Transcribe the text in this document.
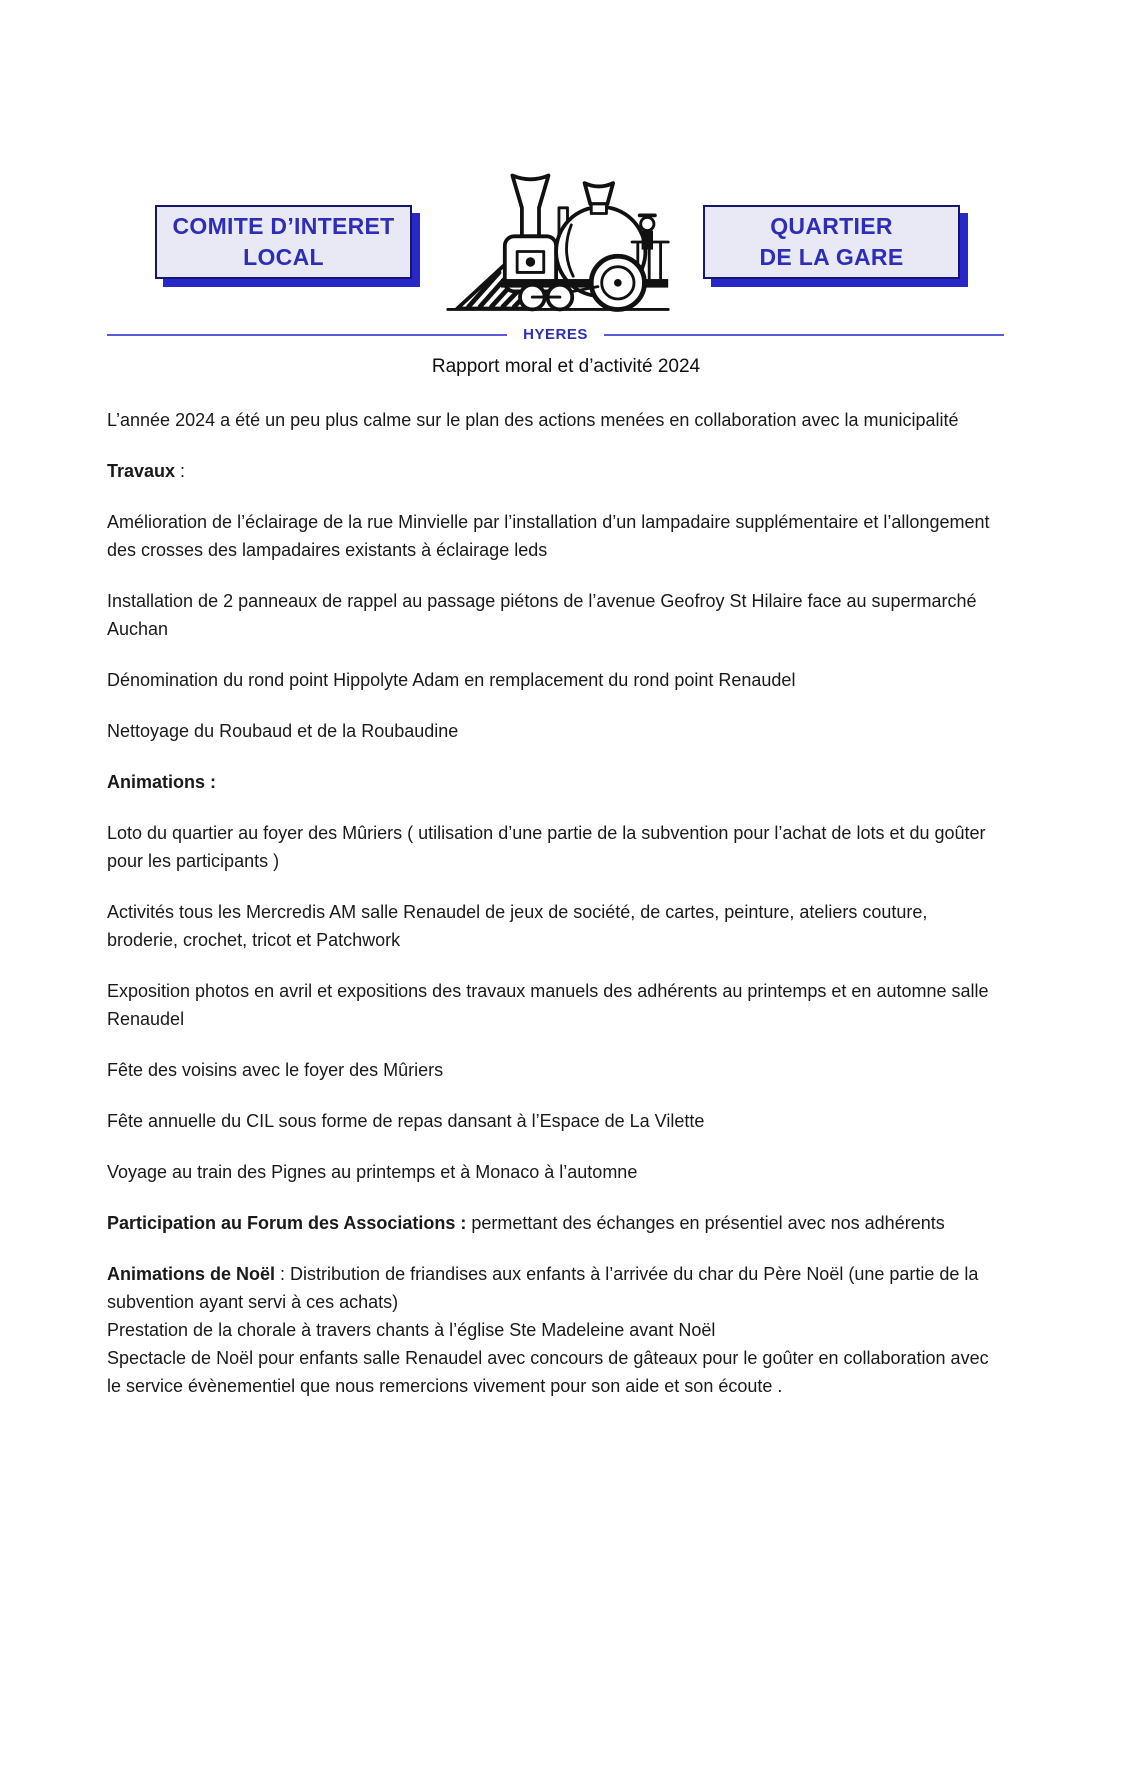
COMITE D’INTERET
LOCAL
QUARTIER
DE LA GARE
HYERES
Rapport moral et d’activité 2024

L’année 2024 a été un peu plus calme sur le plan des actions menées en collaboration avec la municipalité

Travaux :

Amélioration de l’éclairage de la rue Minvielle par l’installation d’un lampadaire supplémentaire et l’allongement des crosses des lampadaires existants à éclairage leds

Installation de 2 panneaux de rappel au passage piétons de l’avenue Geofroy St Hilaire face au supermarché Auchan

Dénomination du rond point Hippolyte Adam en remplacement du rond point Renaudel

Nettoyage du Roubaud et de la Roubaudine

Animations :

Loto du quartier au foyer des Mûriers ( utilisation d’une partie de la subvention pour l’achat de lots et du goûter pour les participants )

Activités tous les Mercredis AM salle Renaudel de jeux de société, de cartes, peinture, ateliers couture, broderie, crochet, tricot et Patchwork

Exposition photos en avril et expositions des travaux manuels des adhérents au printemps et en automne salle Renaudel

Fête des voisins avec le foyer des Mûriers

Fête annuelle du CIL sous forme de repas dansant à l’Espace de La Vilette

Voyage au train des Pignes au printemps et à Monaco à l’automne

Participation au Forum des Associations : permettant des échanges en présentiel avec nos adhérents

Animations de Noël : Distribution de friandises aux enfants à l’arrivée du char du Père Noël (une partie de la subvention ayant servi à ces achats)
Prestation de la chorale à travers chants à l’église Ste Madeleine avant Noël
Spectacle de Noël pour enfants salle Renaudel avec concours de gâteaux pour le goûter en collaboration avec le service évènementiel que nous remercions vivement pour son aide et son écoute .
